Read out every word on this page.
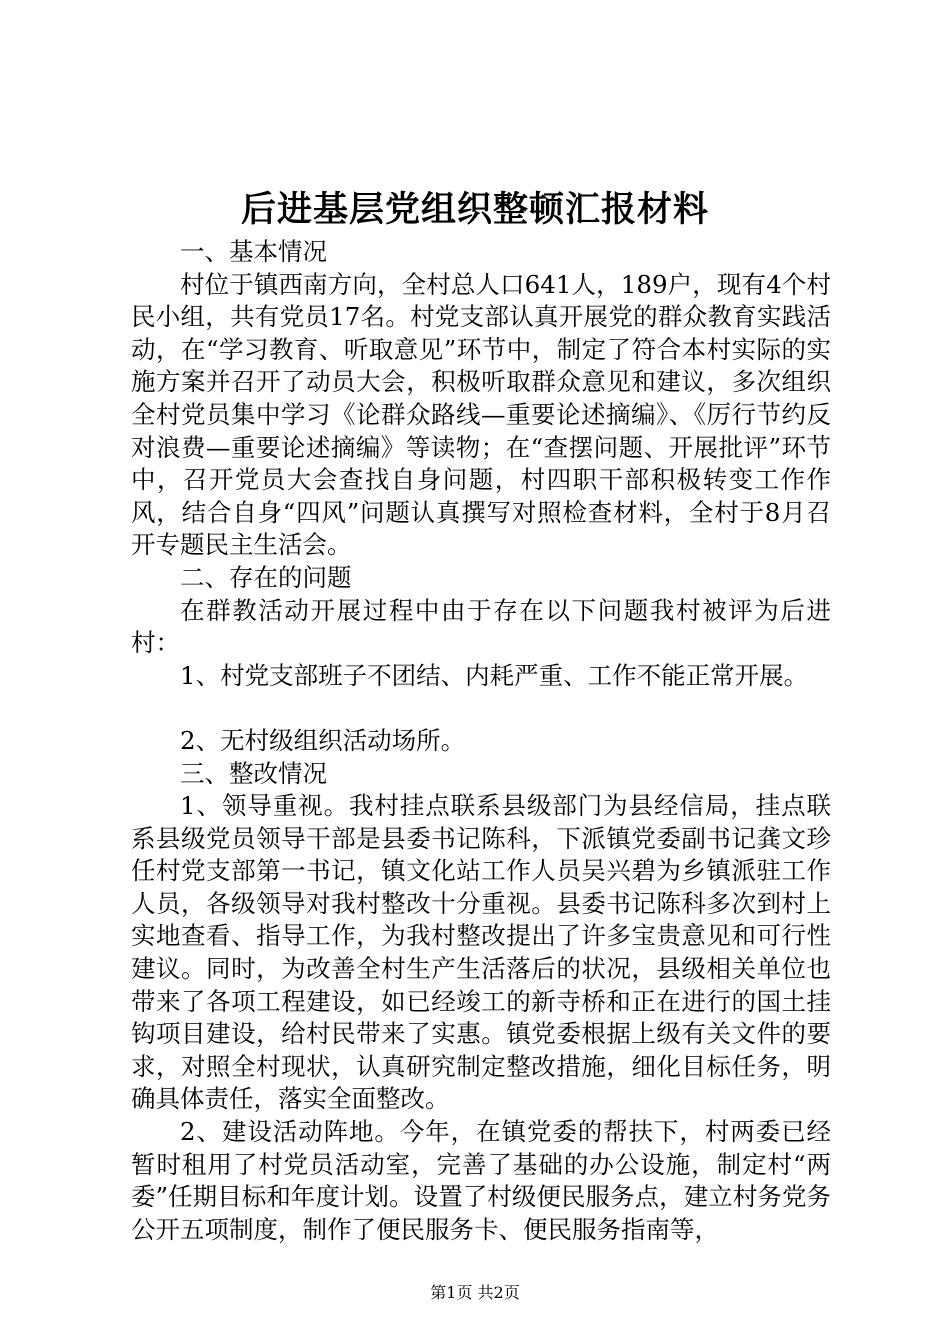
后进基层党组织整顿汇报材料

一、基本情况

村位于镇西南方向，全村总人口641人，189户，现有4个村民小组，共有党员17名。村党支部认真开展党的群众教育实践活动，在“学习教育、听取意见”环节中，制定了符合本村实际的实施方案并召开了动员大会，积极听取群众意见和建议，多次组织全村党员集中学习《论群众路线—重要论述摘编》、《厉行节约反对浪费—重要论述摘编》等读物；在“查摆问题、开展批评”环节中，召开党员大会查找自身问题，村四职干部积极转变工作作风，结合自身“四风”问题认真撰写对照检查材料，全村于8月召开专题民主生活会。

二、存在的问题

在群教活动开展过程中由于存在以下问题我村被评为后进村：

1、村党支部班子不团结、内耗严重、工作不能正常开展。

2、无村级组织活动场所。

三、整改情况

1、领导重视。我村挂点联系县级部门为县经信局，挂点联系县级党员领导干部是县委书记陈科，下派镇党委副书记龚文珍任村党支部第一书记，镇文化站工作人员吴兴碧为乡镇派驻工作人员，各级领导对我村整改十分重视。县委书记陈科多次到村上实地查看、指导工作，为我村整改提出了许多宝贵意见和可行性建议。同时，为改善全村生产生活落后的状况，县级相关单位也带来了各项工程建设，如已经竣工的新寺桥和正在进行的国土挂钩项目建设，给村民带来了实惠。镇党委根据上级有关文件的要求，对照全村现状，认真研究制定整改措施，细化目标任务，明确具体责任，落实全面整改。

2、建设活动阵地。今年，在镇党委的帮扶下，村两委已经暂时租用了村党员活动室，完善了基础的办公设施，制定村“两委”任期目标和年度计划。设置了村级便民服务点，建立村务党务公开五项制度，制作了便民服务卡、便民服务指南等，

第1页 共2页
